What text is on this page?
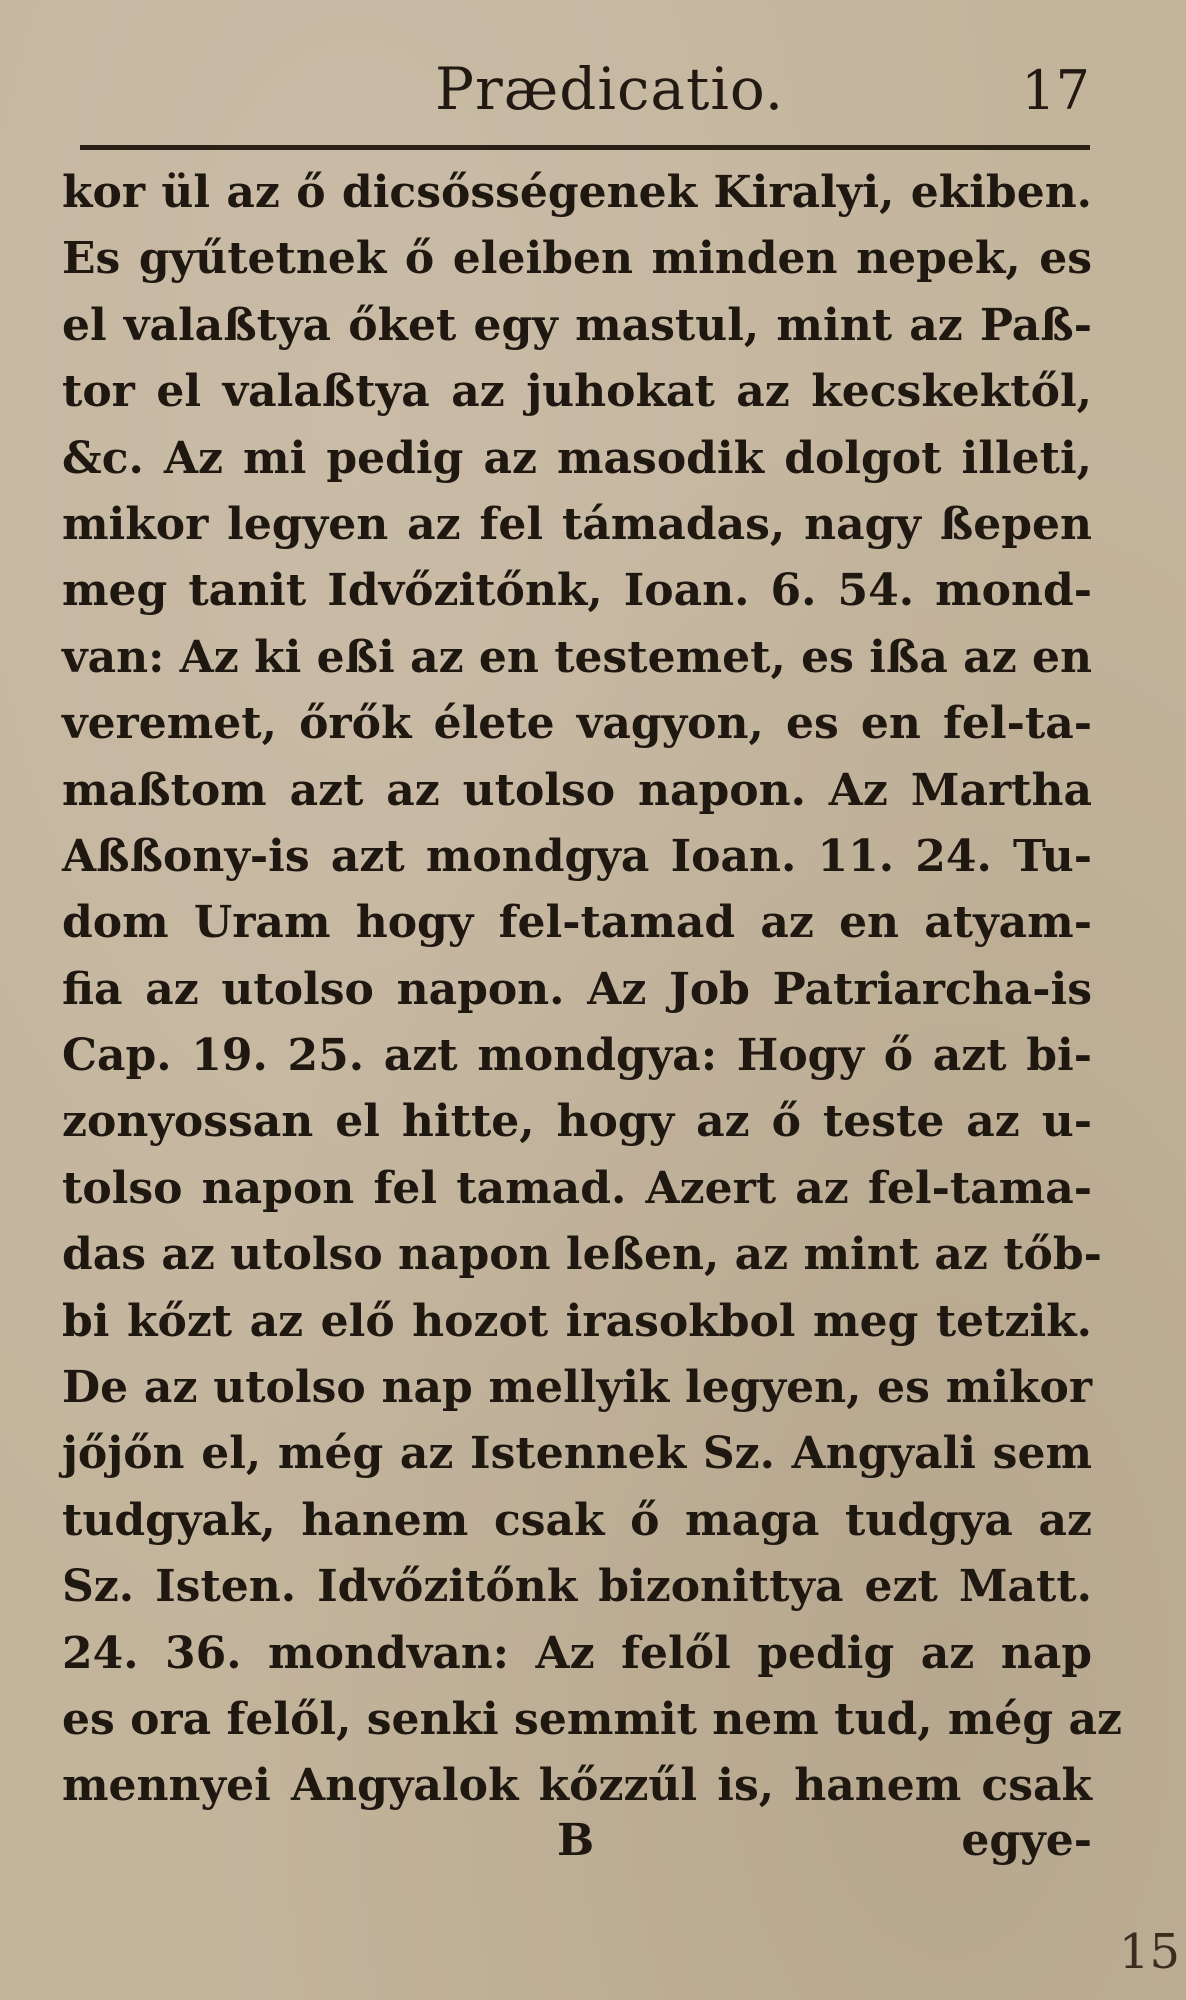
Prædicatio.	17
kor ül az ő dicsősségenek Kiralyi, ekiben.
Es gyűtetnek ő eleiben minden nepek, es
el valaßtya őket egy mastul, mint az Paß-
tor el valaßtya az juhokat az kecskektől,
&c. Az mi pedig az masodik dolgot illeti,
mikor legyen az fel támadas, nagy ßepen
meg tanit Idvőzitőnk, Ioan. 6. 54. mond-
van: Az ki eßi az en testemet, es ißa az en
veremet, őrők élete vagyon, es en fel-ta-
maßtom azt az utolso napon. Az Martha
Aßßony-is azt mondgya Ioan. 11. 24. Tu-
dom Uram hogy fel-tamad az en atyam-
fia az utolso napon. Az Job Patriarcha-is
Cap. 19. 25. azt mondgya: Hogy ő azt bi-
zonyossan el hitte, hogy az ő teste az u-
tolso napon fel tamad. Azert az fel-tama-
das az utolso napon leßen, az mint az tőb-
bi kőzt az elő hozot irasokbol meg tetzik.
De az utolso nap mellyik legyen, es mikor
jőjőn el, még az Istennek Sz. Angyali sem
tudgyak, hanem csak ő maga tudgya az
Sz. Isten. Idvőzitőnk bizonittya ezt Matt.
24. 36. mondvan: Az felől pedig az nap
es ora felől, senki semmit nem tud, még az
mennyei Angyalok kőzzűl is, hanem csak
B	egye-
15
